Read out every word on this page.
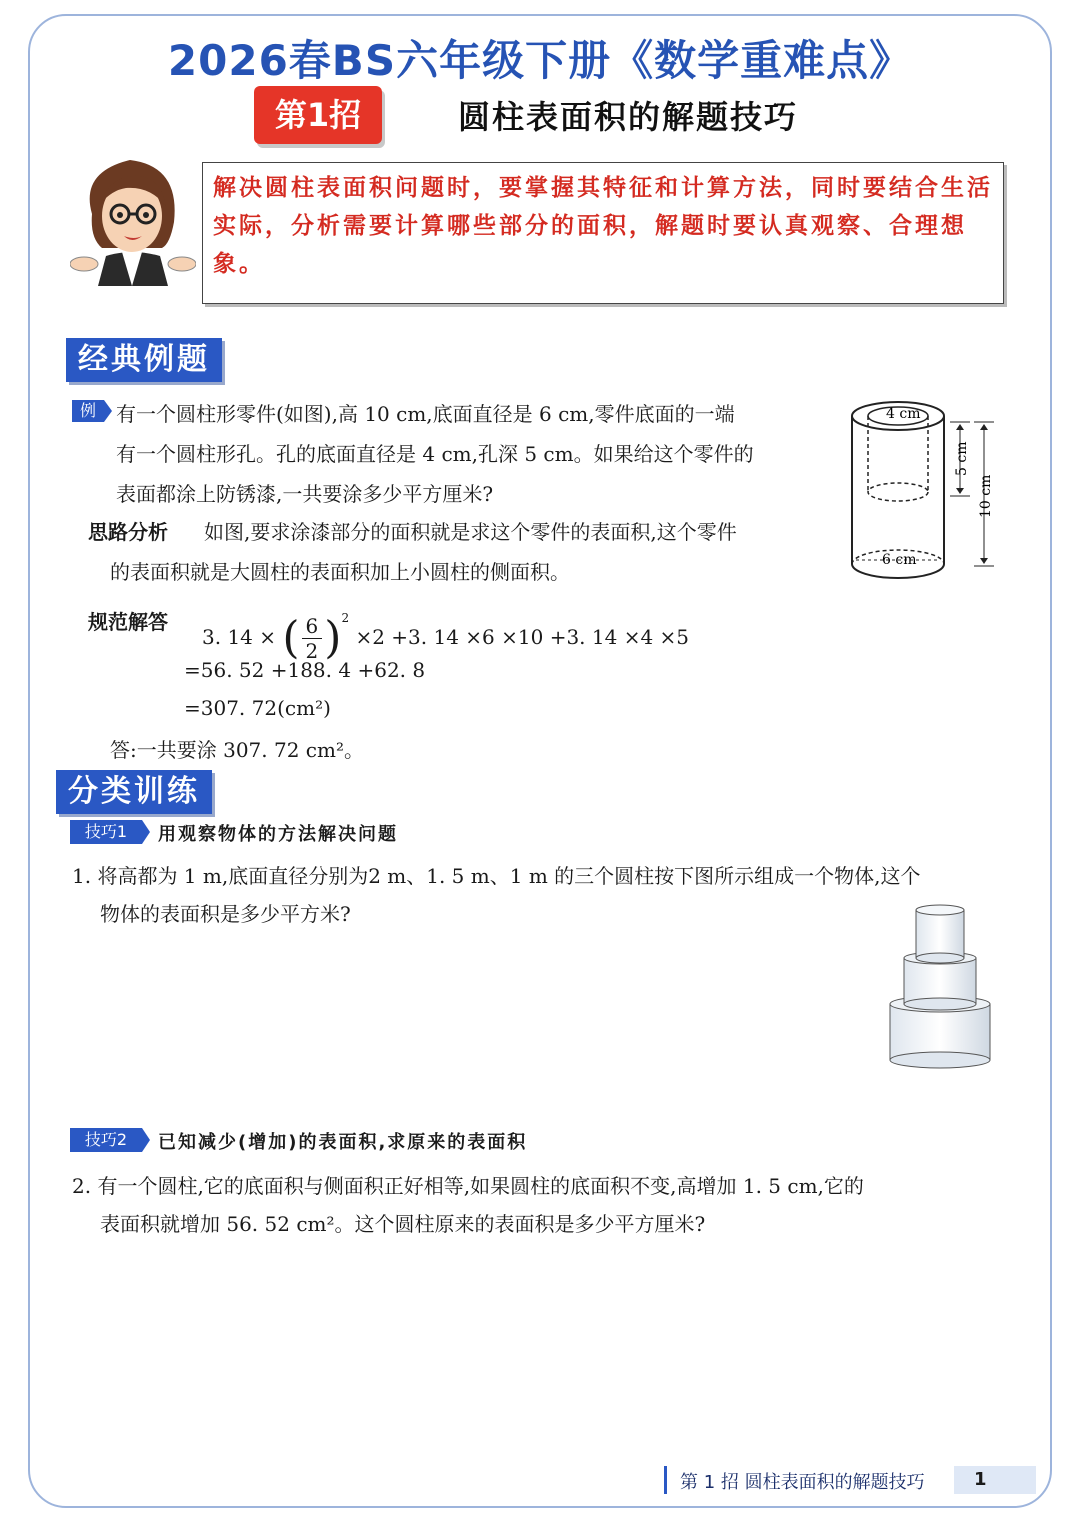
2026春BS六年级下册《数学重难点》
第1招	圆柱表面积的解题技巧
解决圆柱表面积问题时，要掌握其特征和计算方法，同时要结合生活实际，分析需要计算哪些部分的面积，解题时要认真观察、合理想象。
经典例题
例	有一个圆柱形零件(如图),高 10 cm,底面直径是 6 cm,零件底面的一端
有一个圆柱形孔。孔的底面直径是 4 cm,孔深 5 cm。如果给这个零件的
表面都涂上防锈漆,一共要涂多少平方厘米?
思路分析 如图,要求涂漆部分的面积就是求这个零件的表面积,这个零件
的表面积就是大圆柱的表面积加上小圆柱的侧面积。
规范解答
3. 14 × ( $\frac{6}{2} )^2 \times 2 +3$. 14 ×6 ×10 +3. 14 ×4 ×5
=56. 52 +188. 4 +62. 8
=307. 72(cm²)
答:一共要涂 307. 72 cm²。
4 cm
6 cm
5 cm
10 cm
分类训练
技巧1	用观察物体的方法解决问题
1. 将高都为 1 m,底面直径分别为2 m、1. 5 m、1 m 的三个圆柱按下图所示组成一个物体,这个
物体的表面积是多少平方米?
技巧2	已知减少(增加)的表面积,求原来的表面积
2. 有一个圆柱,它的底面积与侧面积正好相等,如果圆柱的底面积不变,高增加 1. 5 cm,它的
表面积就增加 56. 52 cm²。这个圆柱原来的表面积是多少平方厘米?
第 1 招 圆柱表面积的解题技巧	1
